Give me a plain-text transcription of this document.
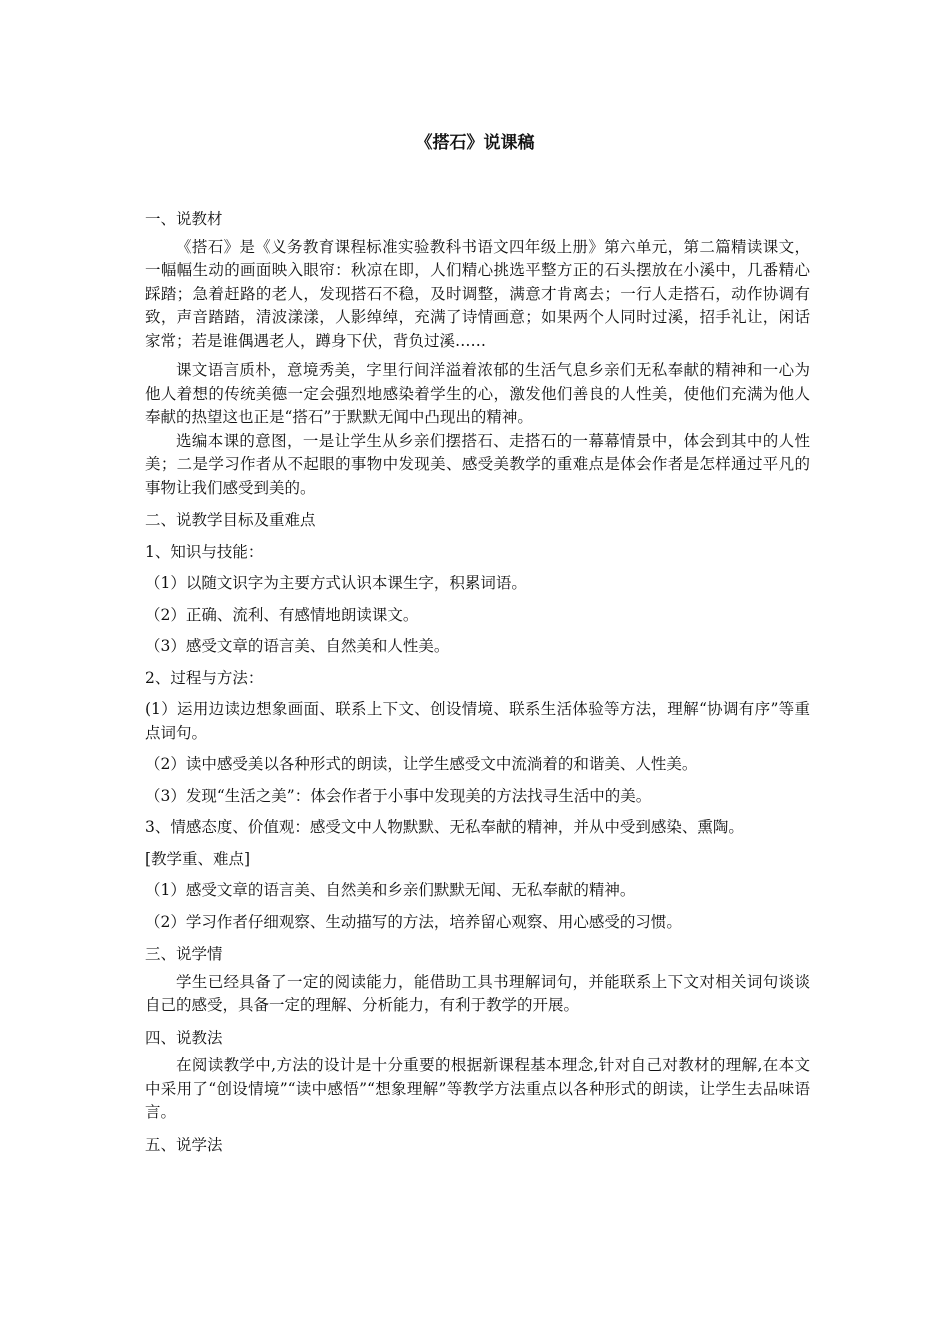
《搭石》说课稿

一、说教材

《搭石》是《义务教育课程标准实验教科书语文四年级上册》第六单元，第二篇精读课文，一幅幅生动的画面映入眼帘：秋凉在即，人们精心挑选平整方正的石头摆放在小溪中，几番精心踩踏；急着赶路的老人，发现搭石不稳，及时调整，满意才肯离去；一行人走搭石，动作协调有致，声音踏踏，清波漾漾，人影绰绰，充满了诗情画意；如果两个人同时过溪，招手礼让，闲话家常；若是谁偶遇老人，蹲身下伏，背负过溪……

课文语言质朴，意境秀美，字里行间洋溢着浓郁的生活气息乡亲们无私奉献的精神和一心为他人着想的传统美德一定会强烈地感染着学生的心，激发他们善良的人性美，使他们充满为他人奉献的热望这也正是“搭石”于默默无闻中凸现出的精神。

选编本课的意图，一是让学生从乡亲们摆搭石、走搭石的一幕幕情景中，体会到其中的人性美；二是学习作者从不起眼的事物中发现美、感受美教学的重难点是体会作者是怎样通过平凡的事物让我们感受到美的。

二、说教学目标及重难点

1、知识与技能：

（1）以随文识字为主要方式认识本课生字，积累词语。

（2）正确、流利、有感情地朗读课文。

（3）感受文章的语言美、自然美和人性美。

2、过程与方法：

(1）运用边读边想象画面、联系上下文、创设情境、联系生活体验等方法，理解“协调有序”等重点词句。

（2）读中感受美以各种形式的朗读，让学生感受文中流淌着的和谐美、人性美。

（3）发现“生活之美”：体会作者于小事中发现美的方法找寻生活中的美。

3、情感态度、价值观：感受文中人物默默、无私奉献的精神，并从中受到感染、熏陶。

[教学重、难点]

（1）感受文章的语言美、自然美和乡亲们默默无闻、无私奉献的精神。

（2）学习作者仔细观察、生动描写的方法，培养留心观察、用心感受的习惯。

三、说学情

学生已经具备了一定的阅读能力，能借助工具书理解词句，并能联系上下文对相关词句谈谈自己的感受，具备一定的理解、分析能力，有利于教学的开展。

四、说教法

在阅读教学中,方法的设计是十分重要的根据新课程基本理念,针对自己对教材的理解,在本文中采用了“创设情境”“读中感悟”“想象理解”等教学方法重点以各种形式的朗读，让学生去品味语言。

五、说学法
